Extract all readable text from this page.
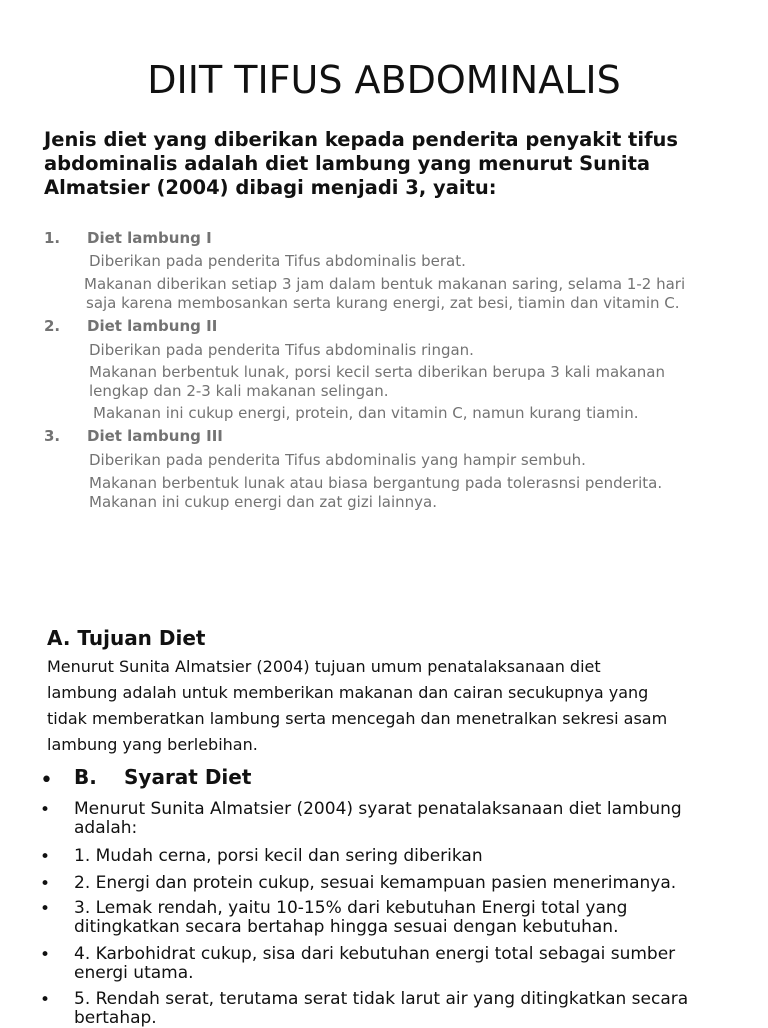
DIIT TIFUS ABDOMINALIS
Jenis diet yang diberikan kepada penderita penyakit tifus
abdominalis adalah diet lambung yang menurut Sunita
Almatsier (2004) dibagi menjadi 3, yaitu:
1. Diet lambung I
Diberikan pada penderita Tifus abdominalis berat.
Makanan diberikan setiap 3 jam dalam bentuk makanan saring, selama 1-2 hari
saja karena membosankan serta kurang energi, zat besi, tiamin dan vitamin C.
2. Diet lambung II
Diberikan pada penderita Tifus abdominalis ringan.
Makanan berbentuk lunak, porsi kecil serta diberikan berupa 3 kali makanan
lengkap dan 2-3 kali makanan selingan.
Makanan ini cukup energi, protein, dan vitamin C, namun kurang tiamin.
3. Diet lambung III
Diberikan pada penderita Tifus abdominalis yang hampir sembuh.
Makanan berbentuk lunak atau biasa bergantung pada tolerasnsi penderita.
Makanan ini cukup energi dan zat gizi lainnya.
A. Tujuan Diet
Menurut Sunita Almatsier (2004) tujuan umum penatalaksanaan diet
lambung adalah untuk memberikan makanan dan cairan secukupnya yang
tidak memberatkan lambung serta mencegah dan menetralkan sekresi asam
lambung yang berlebihan.
•	B. Syarat Diet
•	Menurut Sunita Almatsier (2004) syarat penatalaksanaan diet lambung
adalah:
•	1. Mudah cerna, porsi kecil dan sering diberikan
•	2. Energi dan protein cukup, sesuai kemampuan pasien menerimanya.
•	3. Lemak rendah, yaitu 10-15% dari kebutuhan Energi total yang
ditingkatkan secara bertahap hingga sesuai dengan kebutuhan.
•	4. Karbohidrat cukup, sisa dari kebutuhan energi total sebagai sumber
energi utama.
•	5. Rendah serat, terutama serat tidak larut air yang ditingkatkan secara
bertahap.
